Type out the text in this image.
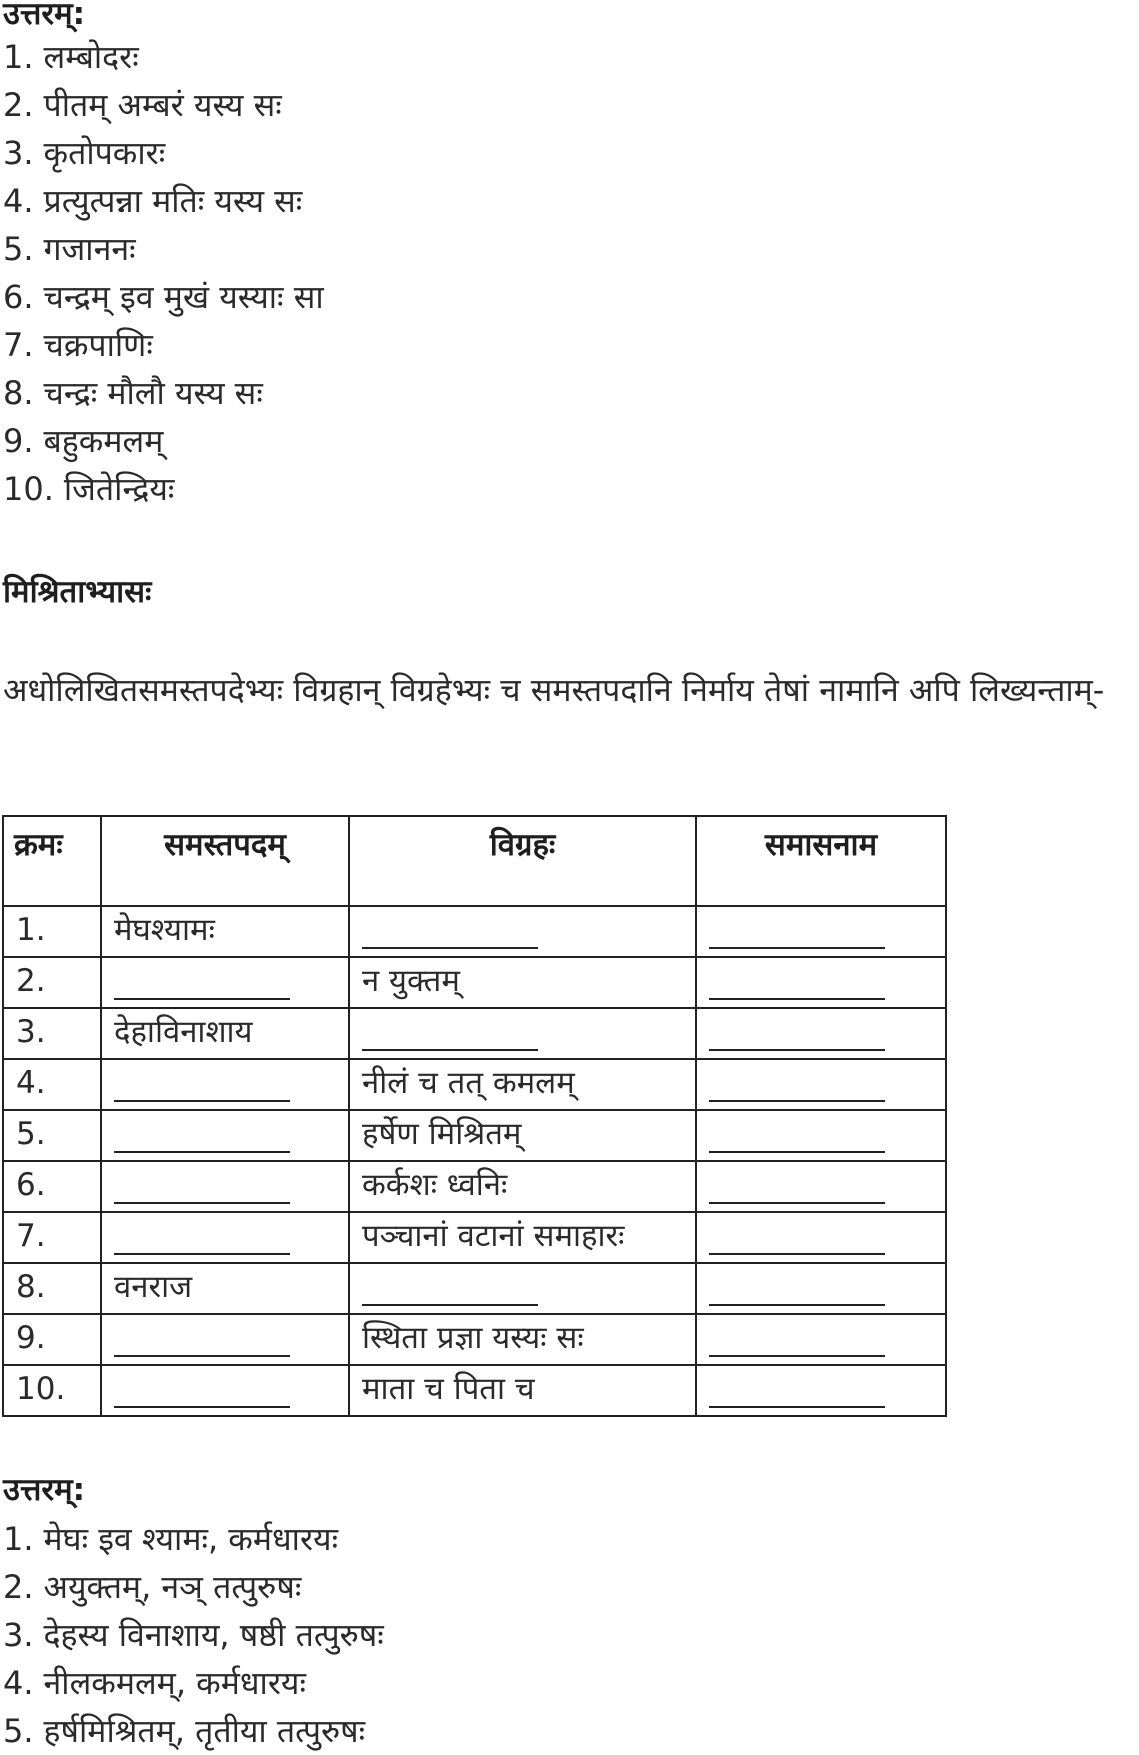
उत्तरम्:
1. लम्बोदरः
2. पीतम् अम्बरं यस्य सः
3. कृतोपकारः
4. प्रत्युत्पन्ना मतिः यस्य सः
5. गजाननः
6. चन्द्रम् इव मुखं यस्याः सा
7. चक्रपाणिः
8. चन्द्रः मौलौ यस्य सः
9. बहुकमलम्
10. जितेन्द्रियः
मिश्रिताभ्यासः
अधोलिखितसमस्तपदेभ्यः विग्रहान् विग्रहेभ्यः च समस्तपदानि निर्माय तेषां नामानि अपि लिख्यन्ताम्-
क्रमः	समस्तपदम्	विग्रहः	समासनाम
1.	मेघश्यामः		
2.		न युक्तम्	
3.	देहाविनाशाय		
4.		नीलं च तत् कमलम्	
5.		हर्षेण मिश्रितम्	
6.		कर्कशः ध्वनिः	
7.		पञ्चानां वटानां समाहारः	
8.	वनराज		
9.		स्थिता प्रज्ञा यस्यः सः	
10.		माता च पिता च	
उत्तरम्:
1. मेघः इव श्यामः, कर्मधारयः
2. अयुक्तम्, नञ् तत्पुरुषः
3. देहस्य विनाशाय, षष्ठी तत्पुरुषः
4. नीलकमलम्, कर्मधारयः
5. हर्षमिश्रितम्, तृतीया तत्पुरुषः
